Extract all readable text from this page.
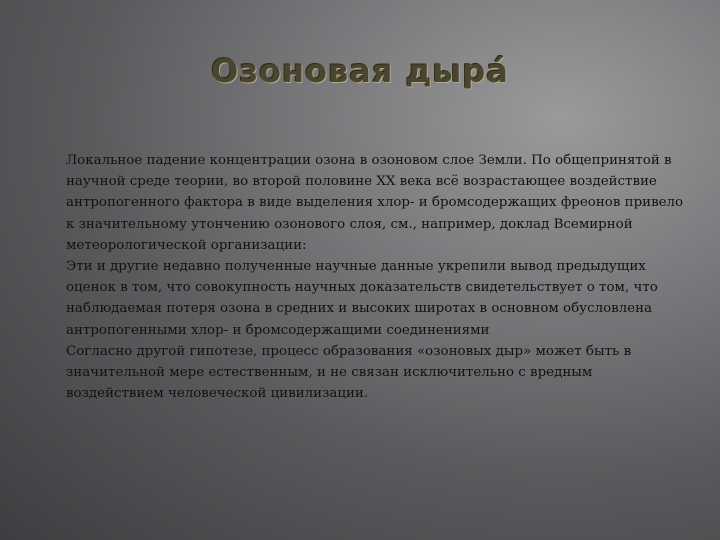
Озоновая дыра́

Локальное падение концентрации озона в озоновом слое Земли. По общепринятой в научной среде теории, во второй половине XX века всё возрастающее воздействие антропогенного фактора в виде выделения хлор- и бромсодержащих фреонов привело к значительному утончению озонового слоя, см., например, доклад Всемирной метеорологической организации:

Эти и другие недавно полученные научные данные укрепили вывод предыдущих оценок в том, что совокупность научных доказательств свидетельствует о том, что наблюдаемая потеря озона в средних и высоких широтах в основном обусловлена антропогенными хлор- и бромсодержащими соединениями

Согласно другой гипотезе, процесс образования «озоновых дыр» может быть в значительной мере естественным, и не связан исключительно с вредным воздействием человеческой цивилизации.
